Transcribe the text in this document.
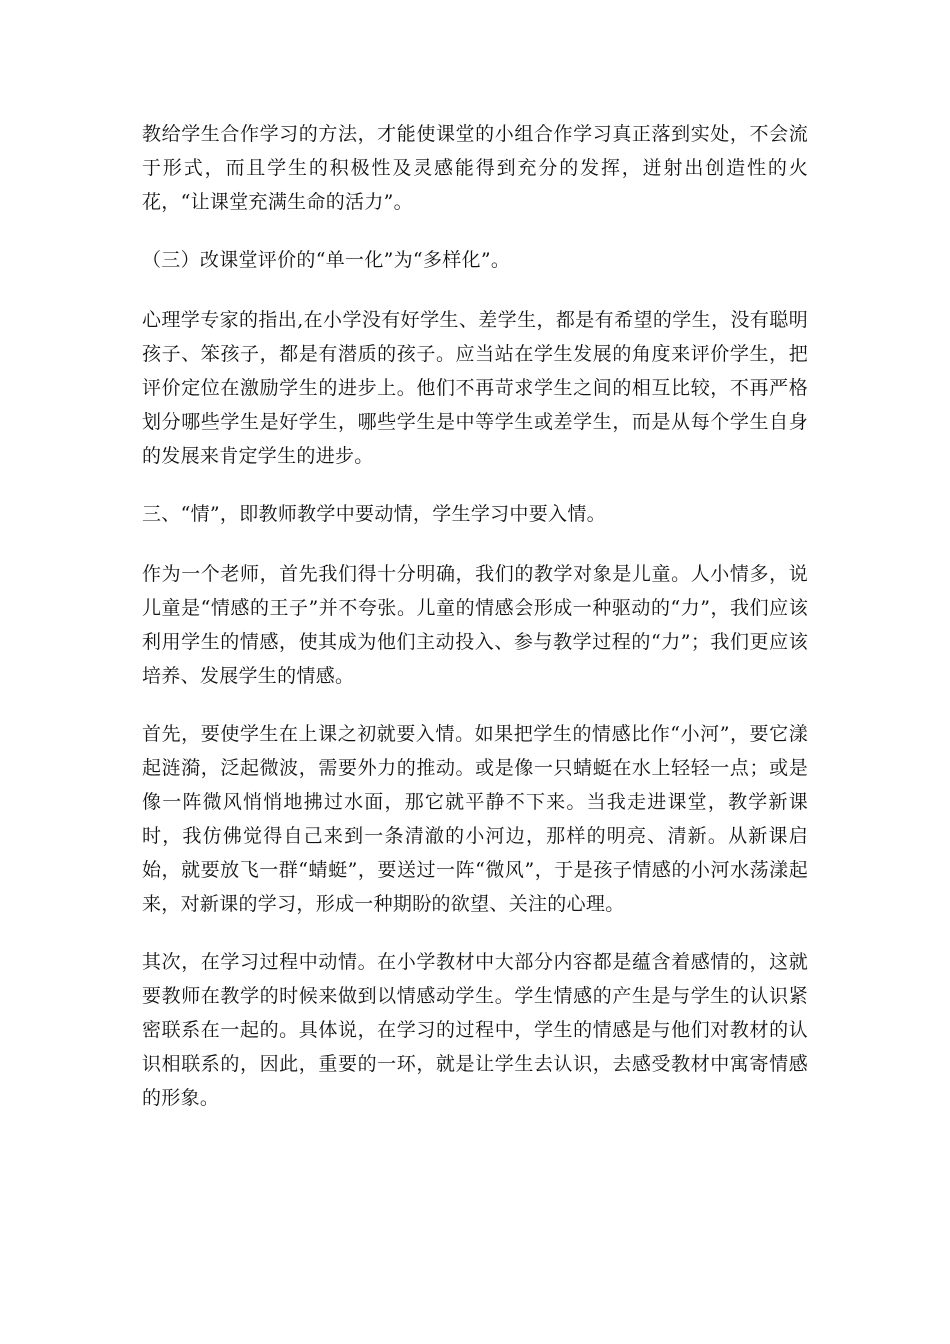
教给学生合作学习的方法，才能使课堂的小组合作学习真正落到实处，不会流于形式，而且学生的积极性及灵感能得到充分的发挥，迸射出创造性的火花，“让课堂充满生命的活力”。

（三）改课堂评价的“单一化”为“多样化”。

心理学专家的指出,在小学没有好学生、差学生，都是有希望的学生，没有聪明孩子、笨孩子，都是有潜质的孩子。应当站在学生发展的角度来评价学生，把评价定位在激励学生的进步上。他们不再苛求学生之间的相互比较，不再严格划分哪些学生是好学生，哪些学生是中等学生或差学生，而是从每个学生自身的发展来肯定学生的进步。

三、“情”，即教师教学中要动情，学生学习中要入情。

作为一个老师，首先我们得十分明确，我们的教学对象是儿童。人小情多，说儿童是“情感的王子”并不夸张。儿童的情感会形成一种驱动的“力”，我们应该利用学生的情感，使其成为他们主动投入、参与教学过程的“力”；我们更应该培养、发展学生的情感。

首先，要使学生在上课之初就要入情。如果把学生的情感比作“小河”，要它漾起涟漪，泛起微波，需要外力的推动。或是像一只蜻蜓在水上轻轻一点；或是像一阵微风悄悄地拂过水面，那它就平静不下来。当我走进课堂，教学新课时，我仿佛觉得自己来到一条清澈的小河边，那样的明亮、清新。从新课启始，就要放飞一群“蜻蜓”，要送过一阵“微风”，于是孩子情感的小河水荡漾起来，对新课的学习，形成一种期盼的欲望、关注的心理。

其次，在学习过程中动情。在小学教材中大部分内容都是蕴含着感情的，这就要教师在教学的时候来做到以情感动学生。学生情感的产生是与学生的认识紧密联系在一起的。具体说，在学习的过程中，学生的情感是与他们对教材的认识相联系的，因此，重要的一环，就是让学生去认识，去感受教材中寓寄情感的形象。
